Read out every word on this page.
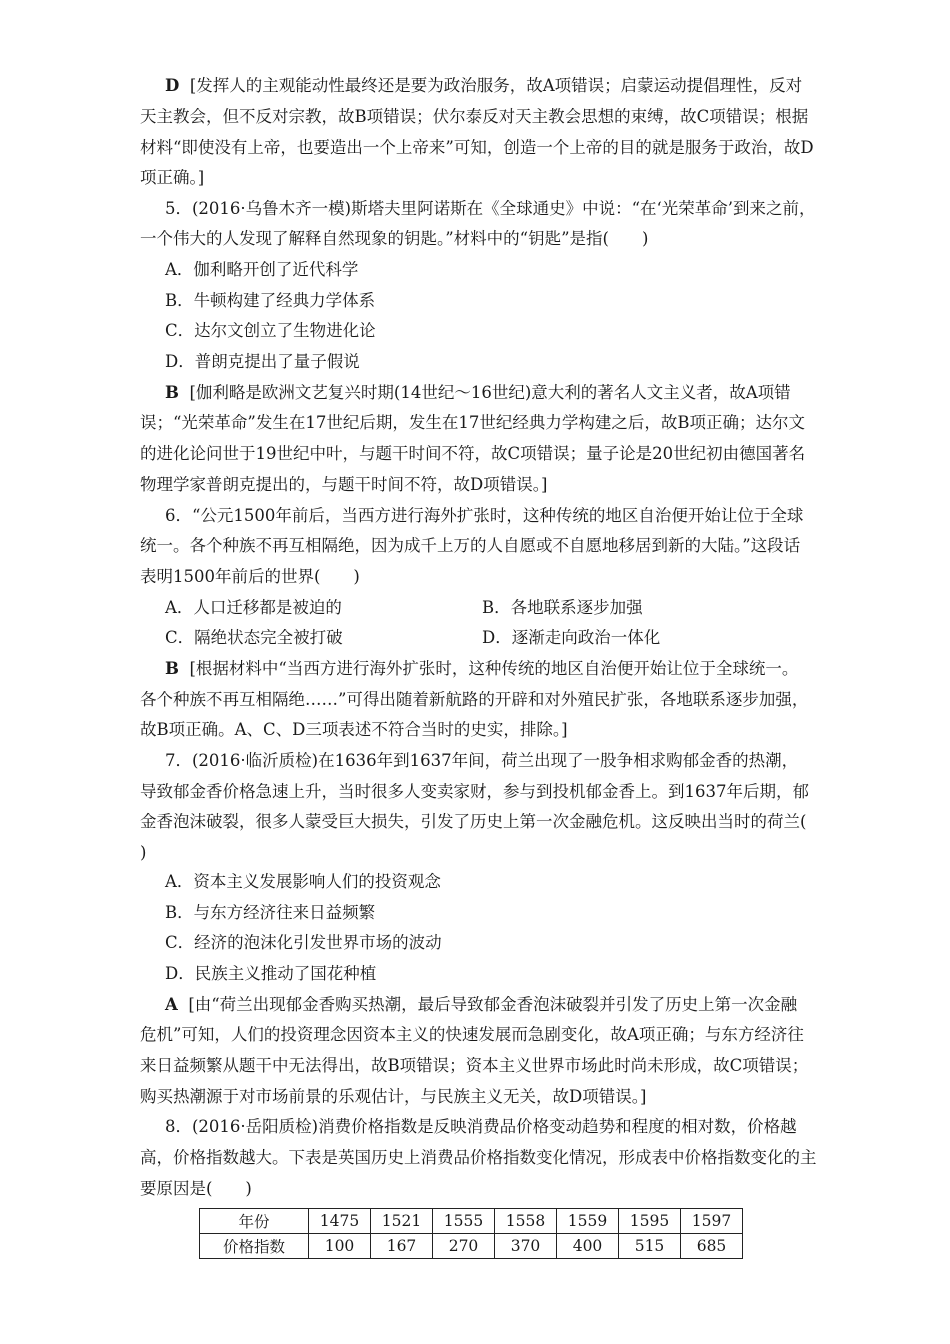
D [发挥人的主观能动性最终还是要为政治服务，故A项错误；启蒙运动提倡理性，反对
天主教会，但不反对宗教，故B项错误；伏尔泰反对天主教会思想的束缚，故C项错误；根据
材料“即使没有上帝，也要造出一个上帝来”可知，创造一个上帝的目的就是服务于政治，故D
项正确。]
5．(2016·乌鲁木齐一模)斯塔夫里阿诺斯在《全球通史》中说：“在‘光荣革命’到来之前，
一个伟大的人发现了解释自然现象的钥匙。”材料中的“钥匙”是指(　　)
A．伽利略开创了近代科学
B．牛顿构建了经典力学体系
C．达尔文创立了生物进化论
D．普朗克提出了量子假说
B [伽利略是欧洲文艺复兴时期(14世纪～16世纪)意大利的著名人文主义者，故A项错
误；“光荣革命”发生在17世纪后期，发生在17世纪经典力学构建之后，故B项正确；达尔文
的进化论问世于19世纪中叶，与题干时间不符，故C项错误；量子论是20世纪初由德国著名
物理学家普朗克提出的，与题干时间不符，故D项错误。]
6．“公元1500年前后，当西方进行海外扩张时，这种传统的地区自治便开始让位于全球
统一。各个种族不再互相隔绝，因为成千上万的人自愿或不自愿地移居到新的大陆。”这段话
表明1500年前后的世界(　　)
A．人口迁移都是被迫的	B．各地联系逐步加强
C．隔绝状态完全被打破	D．逐渐走向政治一体化
B [根据材料中“当西方进行海外扩张时，这种传统的地区自治便开始让位于全球统一。
各个种族不再互相隔绝……”可得出随着新航路的开辟和对外殖民扩张，各地联系逐步加强，
故B项正确。A、C、D三项表述不符合当时的史实，排除。]
7．(2016·临沂质检)在1636年到1637年间，荷兰出现了一股争相求购郁金香的热潮，
导致郁金香价格急速上升，当时很多人变卖家财，参与到投机郁金香上。到1637年后期，郁
金香泡沫破裂，很多人蒙受巨大损失，引发了历史上第一次金融危机。这反映出当时的荷兰(
)
A．资本主义发展影响人们的投资观念
B．与东方经济往来日益频繁
C．经济的泡沫化引发世界市场的波动
D．民族主义推动了国花种植
A [由“荷兰出现郁金香购买热潮，最后导致郁金香泡沫破裂并引发了历史上第一次金融
危机”可知，人们的投资理念因资本主义的快速发展而急剧变化，故A项正确；与东方经济往
来日益频繁从题干中无法得出，故B项错误；资本主义世界市场此时尚未形成，故C项错误；
购买热潮源于对市场前景的乐观估计，与民族主义无关，故D项错误。]
8．(2016·岳阳质检)消费价格指数是反映消费品价格变动趋势和程度的相对数，价格越
高，价格指数越大。下表是英国历史上消费品价格指数变化情况，形成表中价格指数变化的主
要原因是(　　)
年份	1475	1521	1555	1558	1559	1595	1597
价格指数	100	167	270	370	400	515	685
